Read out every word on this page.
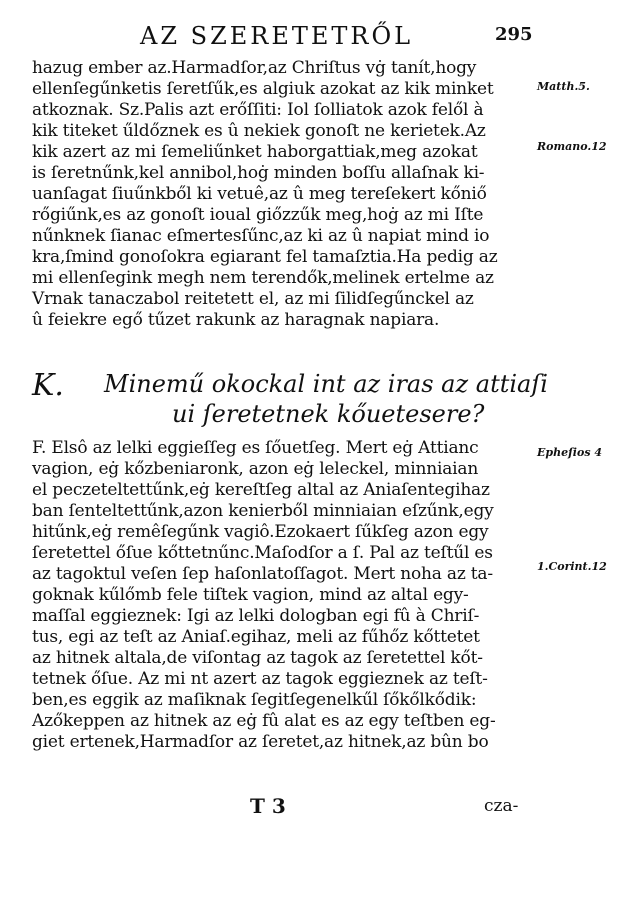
AZ SZERETETRŐL	295
hazug ember az.Harmadſor,az Chriſtus vġ tanít,hogy
ellenſegűnketis ſeretſűk,es algiuk azokat az kik minket
atkoznak. Sz.Palis azt erőſſiti: Iol ſolliatok azok felől à
kik titeket űldőznek es û nekiek gonoſt ne kerietek.Az
kik azert az mi ſemeliűnket haborgattiak,meg azokat
is ſeretnűnk,kel annibol,hoġ minden boſſu allaſnak ki-
uanſagat ſiuűnkből ki vetuê,az û meg tereſekert kőniő
rőgiűnk,es az gonoſt ioual giőzzűk meg,hoġ az mi Iſte
nűnknek ſianac eſmertesſűnc,az ki az û napiat mind io
kra,ſmind gonoſokra egiarant fel tamaſztia.Ha pedig az
mi ellenſegink megh nem terendők,melinek ertelme az
Vrnak tanaczabol reitetett el, az mi ſilidſegűnckel az
û feiekre egő tűzet rakunk az haragnak napiara.
K. Minemű okockal int az iras az attiaſi
ui ſeretetnek kőuetesere?
F. Elsô az lelki eggieſſeg es ſőuetſeg. Mert eġ Attianc
vagion, eġ kőzbeniaronk, azon eġ leleckel, minniaian
el peczeteltettűnk,eġ kereſtſeg altal az Aniaſentegihaz
ban ſenteltettűnk,azon kenierből minniaian eſzűnk,egy
hitűnk,eġ remêſegűnk vagiô.Ezokaert ſűkſeg azon egy
ſeretettel őſue kőttetnűnc.Maſodſor a ſ. Pal az teſtűl es
az tagoktul veſen ſep haſonlatoſſagot. Mert noha az ta-
goknak kűlőmb fele tiſtek vagion, mind az altal egy-
maſſal eggieznek: Igi az lelki dologban egi fû à Chriſ-
tus, egi az teſt az Aniaſ.egihaz, meli az fűhőz kőttetet
az hitnek altala,de viſontag az tagok az ſeretettel kőt-
tetnek őſue. Az mi nt azert az tagok eggieznek az teſt-
ben,es eggik az maſiknak ſegitſegenelkűl ſőkőlkődik:
Azőkeppen az hitnek az eġ fû alat es az egy teſtben eg-
giet ertenek,Harmadſor az ſeretet,az hitnek,az bûn bo
Matth.5.
Romano.12
Epheſios 4
1.Corint.12
T 3	cza-
